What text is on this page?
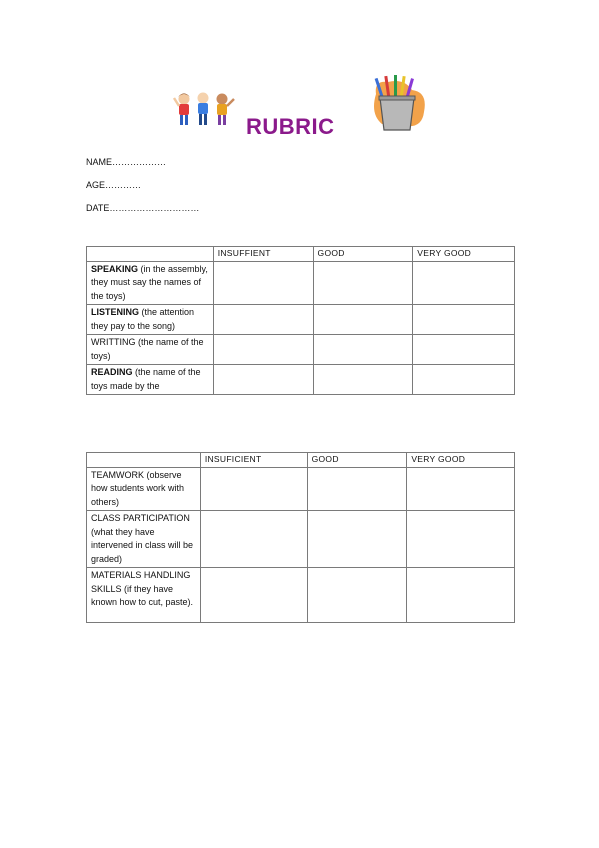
RUBRIC
NAME………………
AGE…………
DATE…………………………
	INSUFFIENT	GOOD	VERY GOOD
SPEAKING (in the assembly, they must say the names of the toys)			
LISTENING (the attention they pay to the song)			
WRITTING (the name of the toys)			
READING (the name of the toys made by the			
	INSUFICIENT	GOOD	VERY GOOD
TEAMWORK (observe how students work with others)			
CLASS PARTICIPATION (what they have intervened in class will be graded)			
MATERIALS HANDLING SKILLS (if they have known how to cut, paste).			
